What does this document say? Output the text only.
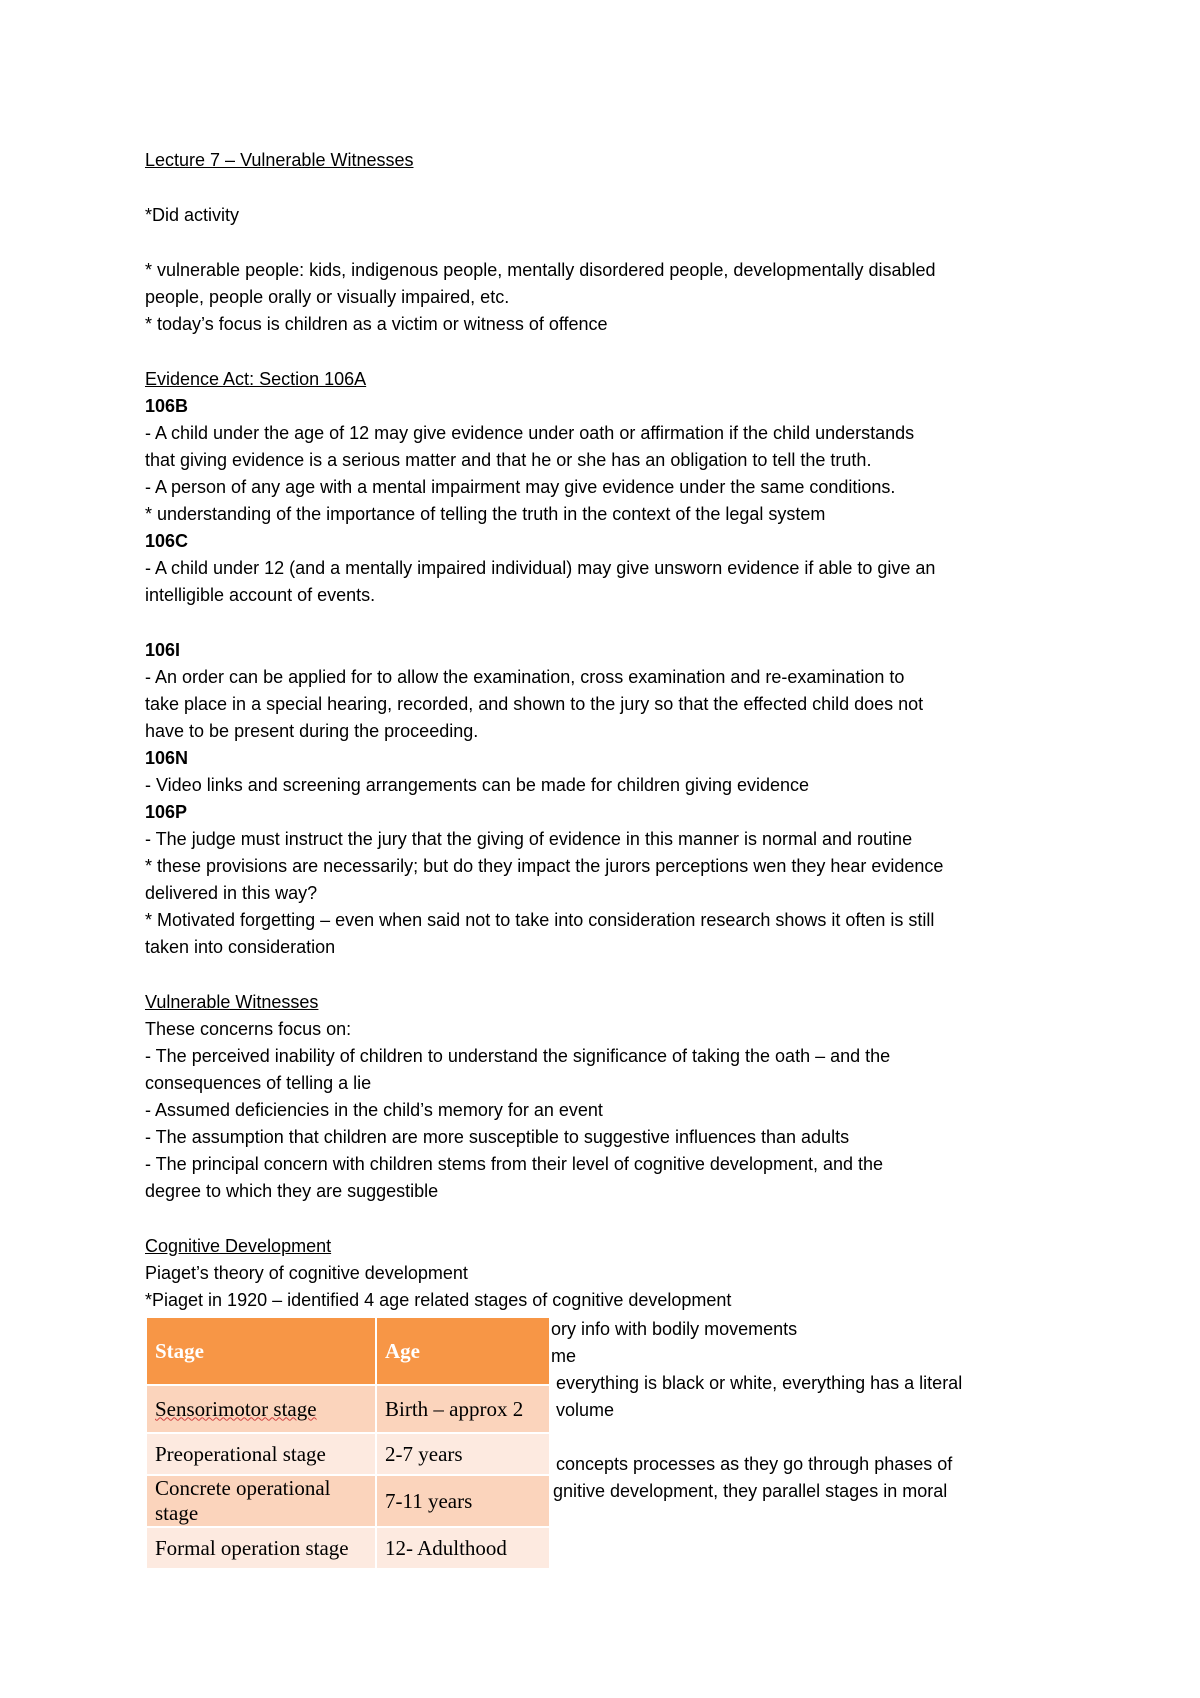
Lecture 7 – Vulnerable Witnesses
*Did activity
* vulnerable people: kids, indigenous people, mentally disordered people, developmentally disabled
people, people orally or visually impaired, etc.
* today’s focus is children as a victim or witness of offence
Evidence Act: Section 106A
106B
- A child under the age of 12 may give evidence under oath or affirmation if the child understands
that giving evidence is a serious matter and that he or she has an obligation to tell the truth.
- A person of any age with a mental impairment may give evidence under the same conditions.
* understanding of the importance of telling the truth in the context of the legal system
106C
- A child under 12 (and a mentally impaired individual) may give unsworn evidence if able to give an
intelligible account of events.
106I
- An order can be applied for to allow the examination, cross examination and re-examination to
take place in a special hearing, recorded, and shown to the jury so that the effected child does not
have to be present during the proceeding.
106N
- Video links and screening arrangements can be made for children giving evidence
106P
- The judge must instruct the jury that the giving of evidence in this manner is normal and routine
* these provisions are necessarily; but do they impact the jurors perceptions wen they hear evidence
delivered in this way?
* Motivated forgetting – even when said not to take into consideration research shows it often is still
taken into consideration
Vulnerable Witnesses
These concerns focus on:
- The perceived inability of children to understand the significance of taking the oath – and the
consequences of telling a lie
- Assumed deficiencies in the child’s memory for an event
- The assumption that children are more susceptible to suggestive influences than adults
- The principal concern with children stems from their level of cognitive development, and the
degree to which they are suggestible
Cognitive Development
Piaget’s theory of cognitive development
*Piaget in 1920 – identified 4 age related stages of cognitive development
ory info with bodily movements
me
everything is black or white, everything has a literal
volume
concepts processes as they go through phases of
gnitive development, they parallel stages in moral
Stage	Age
Sensorimotor stage	Birth – approx 2
Preoperational stage	2-7 years
Concrete operational stage	7-11 years
Formal operation stage	12- Adulthood
